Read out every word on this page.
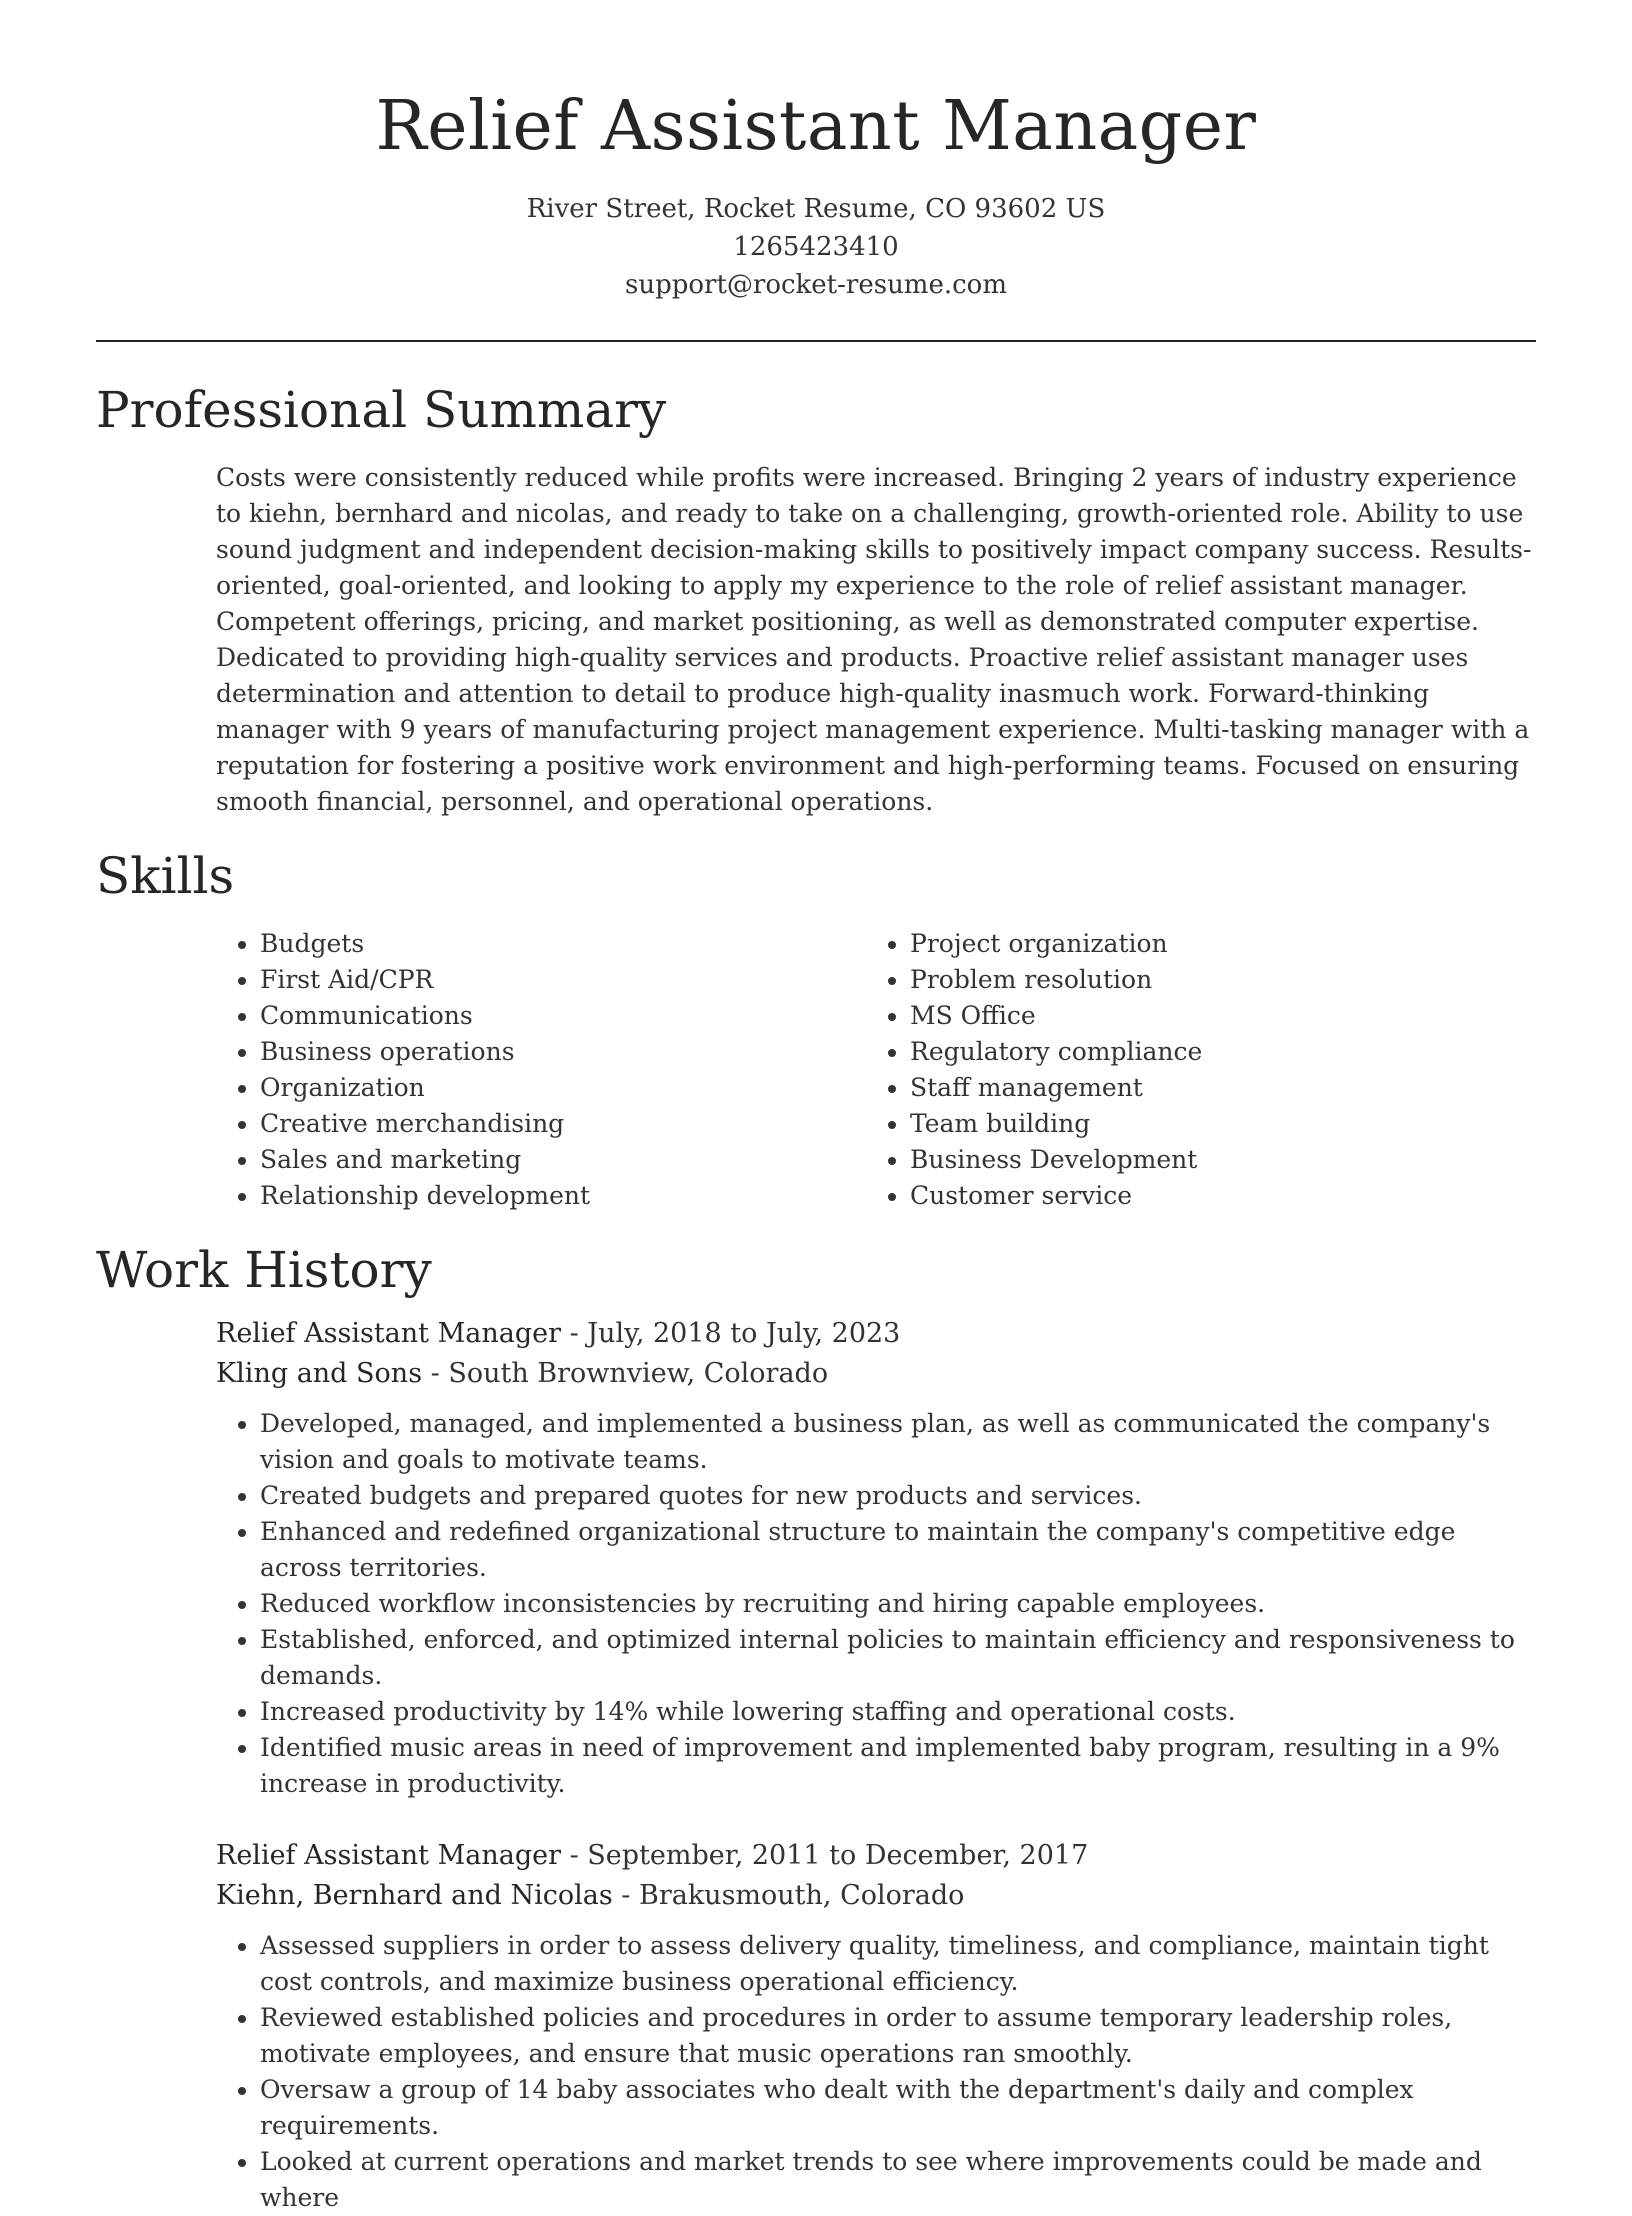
Relief Assistant Manager
River Street, Rocket Resume, CO 93602 US
1265423410
support@rocket-resume.com
Professional Summary

Costs were consistently reduced while profits were increased. Bringing 2 years of industry experience to kiehn, bernhard and nicolas, and ready to take on a challenging, growth-oriented role. Ability to use sound judgment and independent decision-making skills to positively impact company success. Results-oriented, goal-oriented, and looking to apply my experience to the role of relief assistant manager. Competent offerings, pricing, and market positioning, as well as demonstrated computer expertise. Dedicated to providing high-quality services and products. Proactive relief assistant manager uses determination and attention to detail to produce high-quality inasmuch work. Forward-thinking manager with 9 years of manufacturing project management experience. Multi-tasking manager with a reputation for fostering a positive work environment and high-performing teams. Focused on ensuring smooth financial, personnel, and operational operations.

Skills
• Budgets
• First Aid/CPR
• Communications
• Business operations
• Organization
• Creative merchandising
• Sales and marketing
• Relationship development
• Project organization
• Problem resolution
• MS Office
• Regulatory compliance
• Staff management
• Team building
• Business Development
• Customer service
Work History
Relief Assistant Manager - July, 2018 to July, 2023
Kling and Sons - South Brownview, Colorado
• Developed, managed, and implemented a business plan, as well as communicated the company's vision and goals to motivate teams.
• Created budgets and prepared quotes for new products and services.
• Enhanced and redefined organizational structure to maintain the company's competitive edge across territories.
• Reduced workflow inconsistencies by recruiting and hiring capable employees.
• Established, enforced, and optimized internal policies to maintain efficiency and responsiveness to demands.
• Increased productivity by 14% while lowering staffing and operational costs.
• Identified music areas in need of improvement and implemented baby program, resulting in a 9% increase in productivity.
Relief Assistant Manager - September, 2011 to December, 2017
Kiehn, Bernhard and Nicolas - Brakusmouth, Colorado
• Assessed suppliers in order to assess delivery quality, timeliness, and compliance, maintain tight cost controls, and maximize business operational efficiency.
• Reviewed established policies and procedures in order to assume temporary leadership roles, motivate employees, and ensure that music operations ran smoothly.
• Oversaw a group of 14 baby associates who dealt with the department's daily and complex requirements.
• Looked at current operations and market trends to see where improvements could be made and where
